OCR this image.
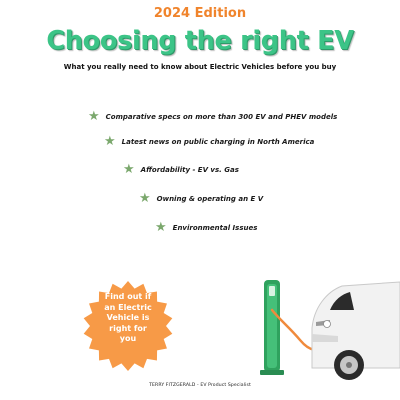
2024 Edition
Choosing the right EV
What you really need to know about Electric Vehicles before you buy
★ Comparative specs on more than 300 EV and PHEV models
★ Latest news on public charging in North America
★ Affordability - EV vs. Gas
★ Owning & operating an E V
★ Environmental Issues
Find out if
an Electric
Vehicle is
right for
you
TERRY FITZGERALD - EV Product Specialist
